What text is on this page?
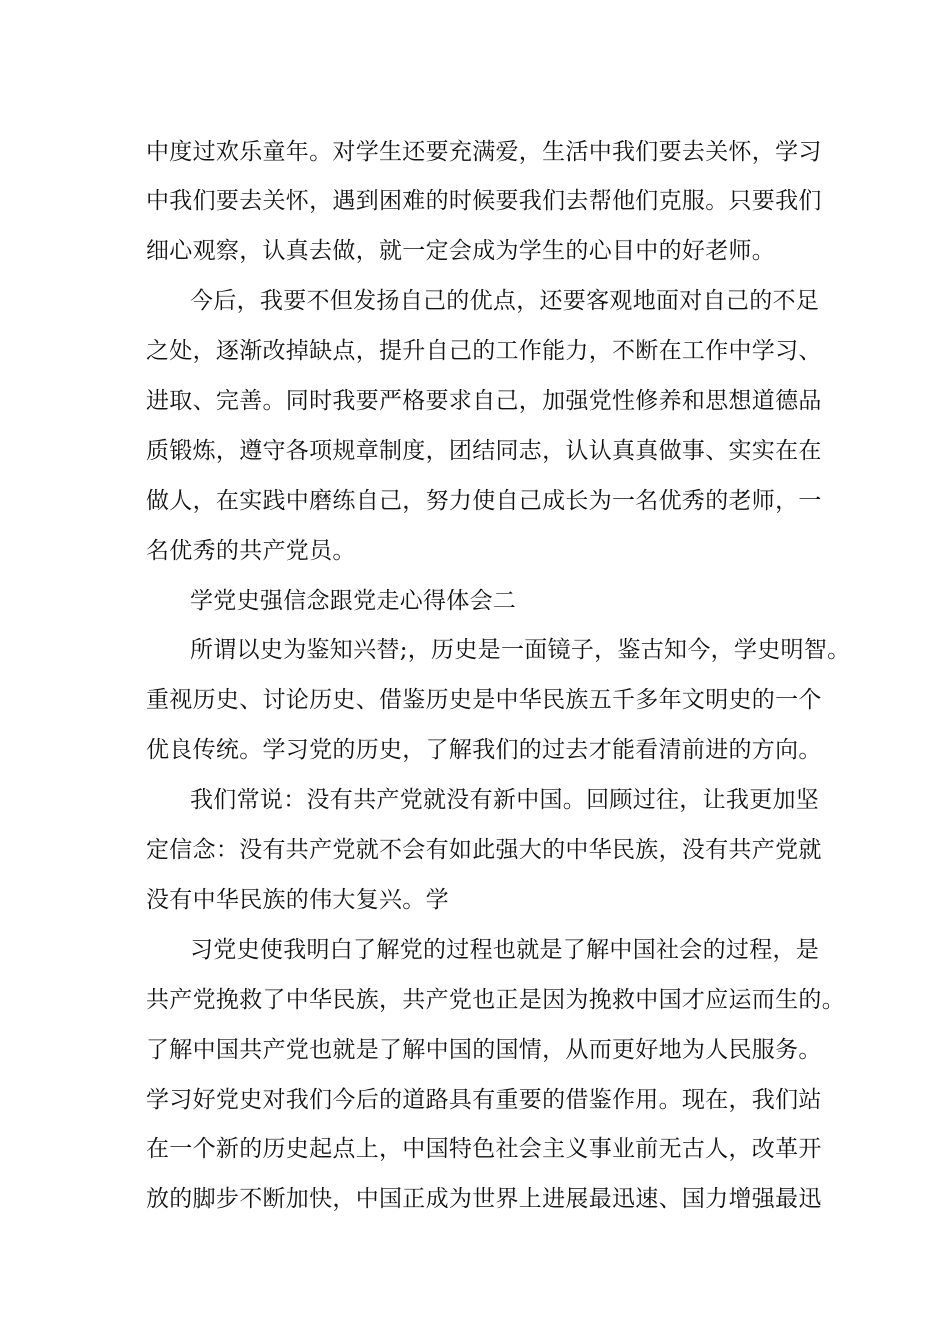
中度过欢乐童年。对学生还要充满爱，生活中我们要去关怀，学习
中我们要去关怀，遇到困难的时候要我们去帮他们克服。只要我们
细心观察，认真去做，就一定会成为学生的心目中的好老师。
今后，我要不但发扬自己的优点，还要客观地面对自己的不足
之处，逐渐改掉缺点，提升自己的工作能力，不断在工作中学习、
进取、完善。同时我要严格要求自己，加强党性修养和思想道德品
质锻炼，遵守各项规章制度，团结同志，认认真真做事、实实在在
做人，在实践中磨练自己，努力使自己成长为一名优秀的老师，一
名优秀的共产党员。
学党史强信念跟党走心得体会二
所谓以史为鉴知兴替;，历史是一面镜子，鉴古知今，学史明智。
重视历史、讨论历史、借鉴历史是中华民族五千多年文明史的一个
优良传统。学习党的历史，了解我们的过去才能看清前进的方向。
我们常说：没有共产党就没有新中国。回顾过往，让我更加坚
定信念：没有共产党就不会有如此强大的中华民族，没有共产党就
没有中华民族的伟大复兴。学
习党史使我明白了解党的过程也就是了解中国社会的过程，是
共产党挽救了中华民族，共产党也正是因为挽救中国才应运而生的。
了解中国共产党也就是了解中国的国情，从而更好地为人民服务。
学习好党史对我们今后的道路具有重要的借鉴作用。现在，我们站
在一个新的历史起点上，中国特色社会主义事业前无古人，改革开
放的脚步不断加快，中国正成为世界上进展最迅速、国力增强最迅
